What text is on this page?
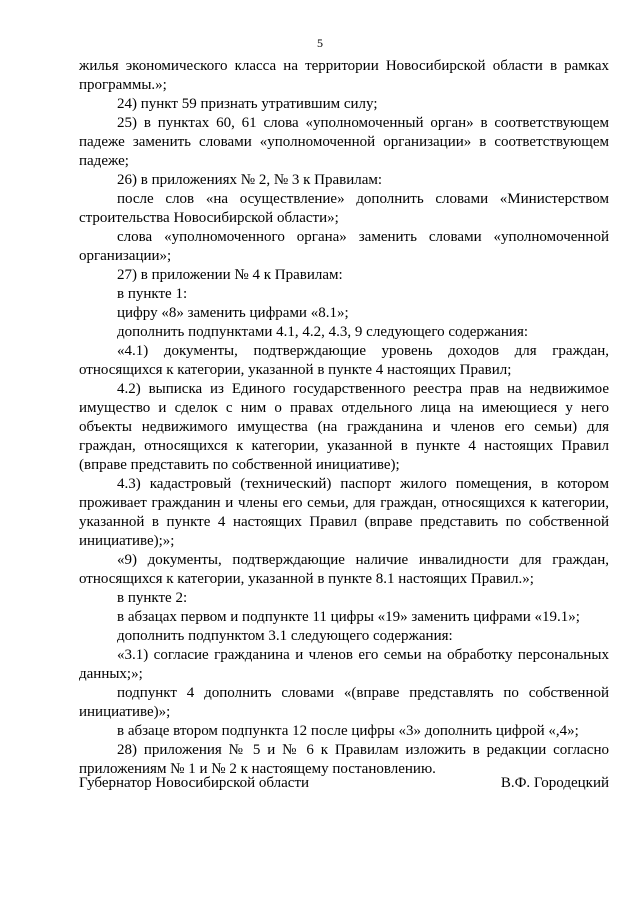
5

жилья экономического класса на территории Новосибирской области в рамках программы.»;

24) пункт 59 признать утратившим силу;

25) в пунктах 60, 61 слова «уполномоченный орган» в соответствующем падеже заменить словами «уполномоченной организации» в соответствующем падеже;

26) в приложениях № 2, № 3 к Правилам:

после слов «на осуществление» дополнить словами «Министерством строительства Новосибирской области»;

слова «уполномоченного органа» заменить словами «уполномоченной организации»;

27) в приложении № 4 к Правилам:

в пункте 1:

цифру «8» заменить цифрами «8.1»;

дополнить подпунктами 4.1, 4.2, 4.3, 9 следующего содержания:

«4.1) документы, подтверждающие уровень доходов для граждан, относящихся к категории, указанной в пункте 4 настоящих Правил;

4.2) выписка из Единого государственного реестра прав на недвижимое имущество и сделок с ним о правах отдельного лица на имеющиеся у него объекты недвижимого имущества (на гражданина и членов его семьи) для граждан, относящихся к категории, указанной в пункте 4 настоящих Правил (вправе представить по собственной инициативе);

4.3) кадастровый (технический) паспорт жилого помещения, в котором проживает гражданин и члены его семьи, для граждан, относящихся к категории, указанной в пункте 4 настоящих Правил (вправе представить по собственной инициативе);»;

«9) документы, подтверждающие наличие инвалидности для граждан, относящихся к категории, указанной в пункте 8.1 настоящих Правил.»;

в пункте 2:

в абзацах первом и подпункте 11 цифры «19» заменить цифрами «19.1»;

дополнить подпунктом 3.1 следующего содержания:

«3.1) согласие гражданина и членов его семьи на обработку персональных данных;»;

подпункт 4 дополнить словами «(вправе представлять по собственной инициативе)»;

в абзаце втором подпункта 12 после цифры «3» дополнить цифрой «,4»;

28) приложения № 5 и № 6 к Правилам изложить в редакции согласно приложениям № 1 и № 2 к настоящему постановлению.

Губернатор Новосибирской области	В.Ф. Городецкий
